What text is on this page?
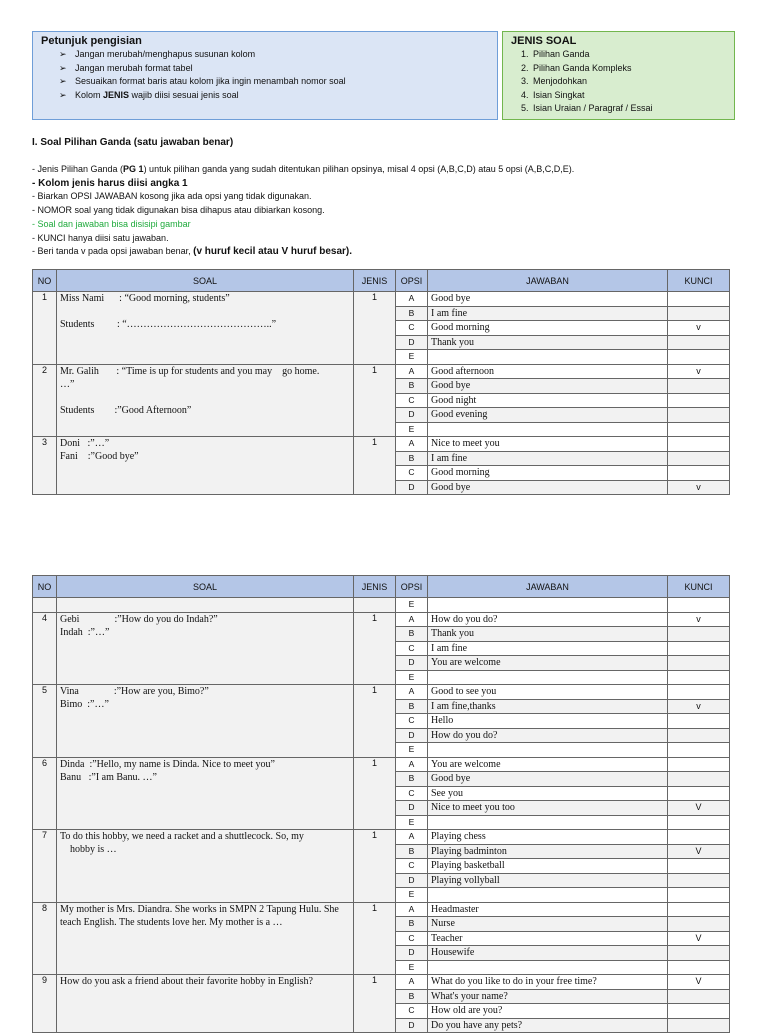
Petunjuk pengisian
➢ Jangan merubah/menghapus susunan kolom
➢ Jangan merubah format tabel
➢ Sesuaikan format baris atau kolom jika ingin menambah nomor soal
➢ Kolom JENIS wajib diisi sesuai jenis soal
JENIS SOAL
1. Pilihan Ganda
2. Pilihan Ganda Kompleks
3. Menjodohkan
4. Isian Singkat
5. Isian Uraian / Paragraf / Essai
I. Soal Pilihan Ganda (satu jawaban benar)
- Jenis Pilihan Ganda (PG 1) untuk pilihan ganda yang sudah ditentukan pilihan opsinya, misal 4 opsi (A,B,C,D) atau 5 opsi (A,B,C,D,E).
- Kolom jenis harus diisi angka 1
- Biarkan OPSI JAWABAN kosong jika ada opsi yang tidak digunakan.
- NOMOR soal yang tidak digunakan bisa dihapus atau dibiarkan kosong.
- Soal dan jawaban bisa disisipi gambar
- KUNCI hanya diisi satu jawaban.
- Beri tanda v pada opsi jawaban benar, (v huruf kecil atau V huruf besar).
NO	SOAL	JENIS	OPSI	JAWABAN	KUNCI
1	Miss Nami      : “Good morning, students”

Students         : “……………………………………..”	1	A	Good bye	
			B	I am fine	
			C	Good morning	v
			D	Thank you	
			E		
2	Mr. Galih       : “Time is up for students and you may    go home.
…”

Students        :”Good Afternoon”	1	A	Good afternoon	v
			B	Good bye	
			C	Good night	
			D	Good evening	
			E		
3	Doni   :”…”
Fani    :”Good bye”	1	A	Nice to meet you	
			B	I am fine	
			C	Good morning	
			D	Good bye	v
NO	SOAL	JENIS	OPSI	JAWABAN	KUNCI
			E		
4	Gebi              :”How do you do Indah?”
Indah  :”…”	1	A	How do you do?	v
			B	Thank you	
			C	I am fine	
			D	You are welcome	
			E		
5	Vina              :”How are you, Bimo?”
Bimo  :”…”	1	A	Good to see you	
			B	I am fine,thanks	v
			C	Hello	
			D	How do you do?	
			E		
6	Dinda  :”Hello, my name is Dinda. Nice to meet you”
Banu   :”I am Banu. …”	1	A	You are welcome	
			B	Good bye	
			C	See you	
			D	Nice to meet you too	V
			E		
7	To do this hobby, we need a racket and a shuttlecock. So, my
hobby is …	1	A	Playing chess	
			B	Playing badminton	V
			C	Playing basketball	
			D	Playing vollyball	
			E		
8	My mother is Mrs. Diandra. She works in SMPN 2 Tapung Hulu. She
teach English. The students love her. My mother is a …	1	A	Headmaster	
			B	Nurse	
			C	Teacher	V
			D	Housewife	
			E		
9	How do you ask a friend about their favorite hobby in English?	1	A	What do you like to do in your free time?	V
			B	What's your name?	
			C	How old are you?	
			D	Do you have any pets?	
